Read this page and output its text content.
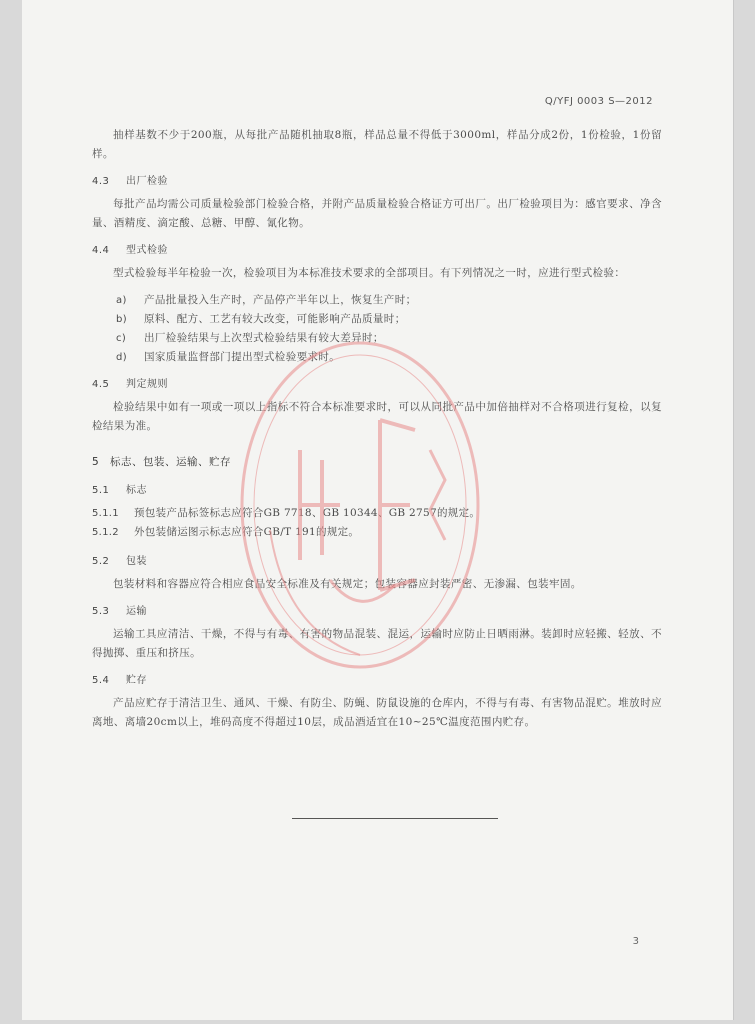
Q/YFJ 0003 S—2012

抽样基数不少于200瓶，从每批产品随机抽取8瓶，样品总量不得低于3000ml，样品分成2份，1份检验，1份留样。

4.3 出厂检验

每批产品均需公司质量检验部门检验合格，并附产品质量检验合格证方可出厂。出厂检验项目为：感官要求、净含量、酒精度、滴定酸、总糖、甲醇、氰化物。

4.4 型式检验

型式检验每半年检验一次，检验项目为本标准技术要求的全部项目。有下列情况之一时，应进行型式检验：

a) 产品批量投入生产时，产品停产半年以上，恢复生产时；
b) 原料、配方、工艺有较大改变，可能影响产品质量时；
c) 出厂检验结果与上次型式检验结果有较大差异时；
d) 国家质量监督部门提出型式检验要求时。
4.5 判定规则

检验结果中如有一项或一项以上指标不符合本标准要求时，可以从同批产品中加倍抽样对不合格项进行复检，以复检结果为准。

5 标志、包装、运输、贮存
5.1 标志
5.1.1 预包装产品标签标志应符合GB 7718、GB 10344、GB 2757的规定。
5.1.2 外包装储运图示标志应符合GB/T 191的规定。
5.2 包装

包装材料和容器应符合相应食品安全标准及有关规定；包装容器应封装严密、无渗漏、包装牢固。

5.3 运输

运输工具应清洁、干燥，不得与有毒、有害的物品混装、混运，运输时应防止日晒雨淋。装卸时应轻搬、轻放、不得抛掷、重压和挤压。

5.4 贮存

产品应贮存于清洁卫生、通风、干燥、有防尘、防蝇、防鼠设施的仓库内，不得与有毒、有害物品混贮。堆放时应离地、离墙20cm以上，堆码高度不得超过10层，成品酒适宜在10~25℃温度范围内贮存。

3
